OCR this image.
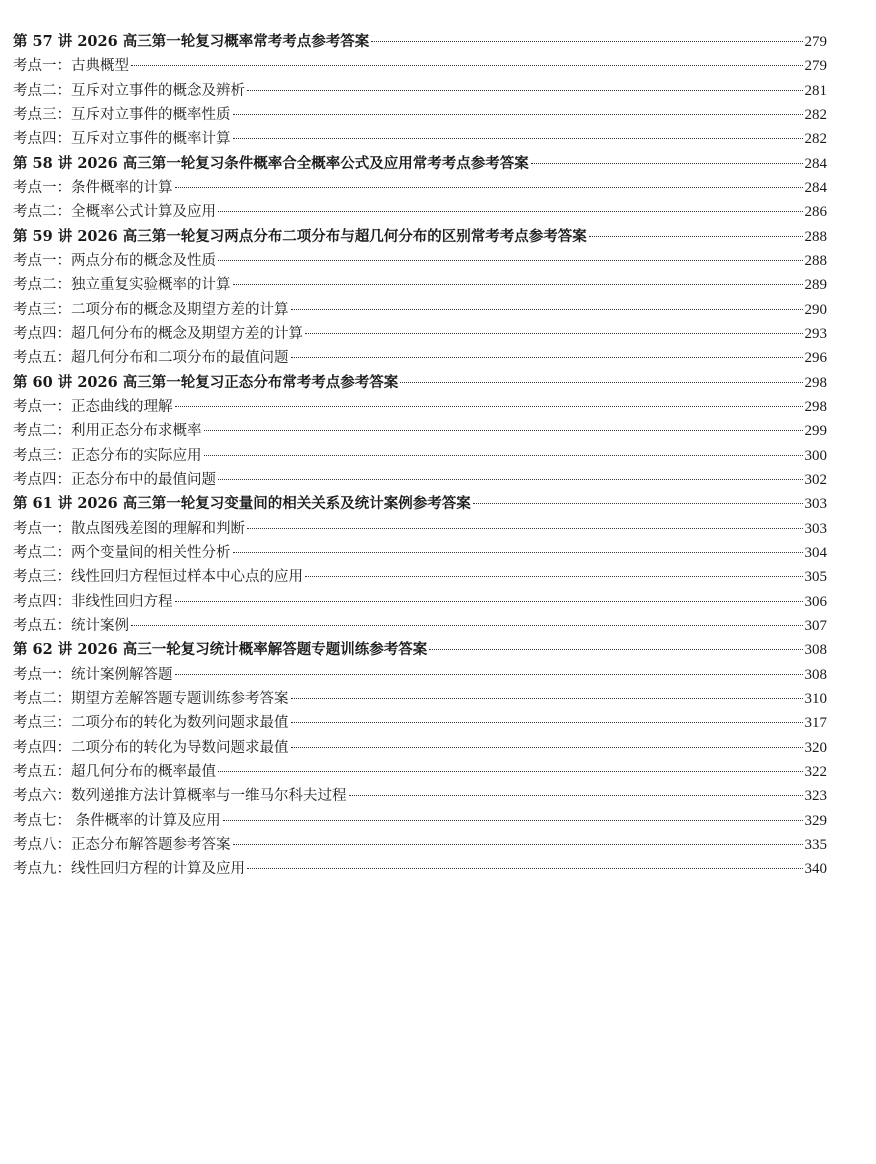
第 57 讲 2026 高三第一轮复习概率常考考点参考答案	279
考点一：古典概型	279
考点二：互斥对立事件的概念及辨析	281
考点三：互斥对立事件的概率性质	282
考点四：互斥对立事件的概率计算	282
第 58 讲 2026 高三第一轮复习条件概率合全概率公式及应用常考考点参考答案	284
考点一：条件概率的计算	284
考点二：全概率公式计算及应用	286
第 59 讲 2026 高三第一轮复习两点分布二项分布与超几何分布的区别常考考点参考答案	288
考点一：两点分布的概念及性质	288
考点二：独立重复实验概率的计算	289
考点三：二项分布的概念及期望方差的计算	290
考点四：超几何分布的概念及期望方差的计算	293
考点五：超几何分布和二项分布的最值问题	296
第 60 讲 2026 高三第一轮复习正态分布常考考点参考答案	298
考点一：正态曲线的理解	298
考点二：利用正态分布求概率	299
考点三：正态分布的实际应用	300
考点四：正态分布中的最值问题	302
第 61 讲 2026 高三第一轮复习变量间的相关关系及统计案例参考答案	303
考点一：散点图残差图的理解和判断	303
考点二：两个变量间的相关性分析	304
考点三：线性回归方程恒过样本中心点的应用	305
考点四：非线性回归方程	306
考点五：统计案例	307
第 62 讲 2026 高三一轮复习统计概率解答题专题训练参考答案	308
考点一：统计案例解答题	308
考点二：期望方差解答题专题训练参考答案	310
考点三：二项分布的转化为数列问题求最值	317
考点四：二项分布的转化为导数问题求最值	320
考点五：超几何分布的概率最值	322
考点六：数列递推方法计算概率与一维马尔科夫过程	323
考点七： 条件概率的计算及应用	329
考点八：正态分布解答题参考答案	335
考点九：线性回归方程的计算及应用	340
